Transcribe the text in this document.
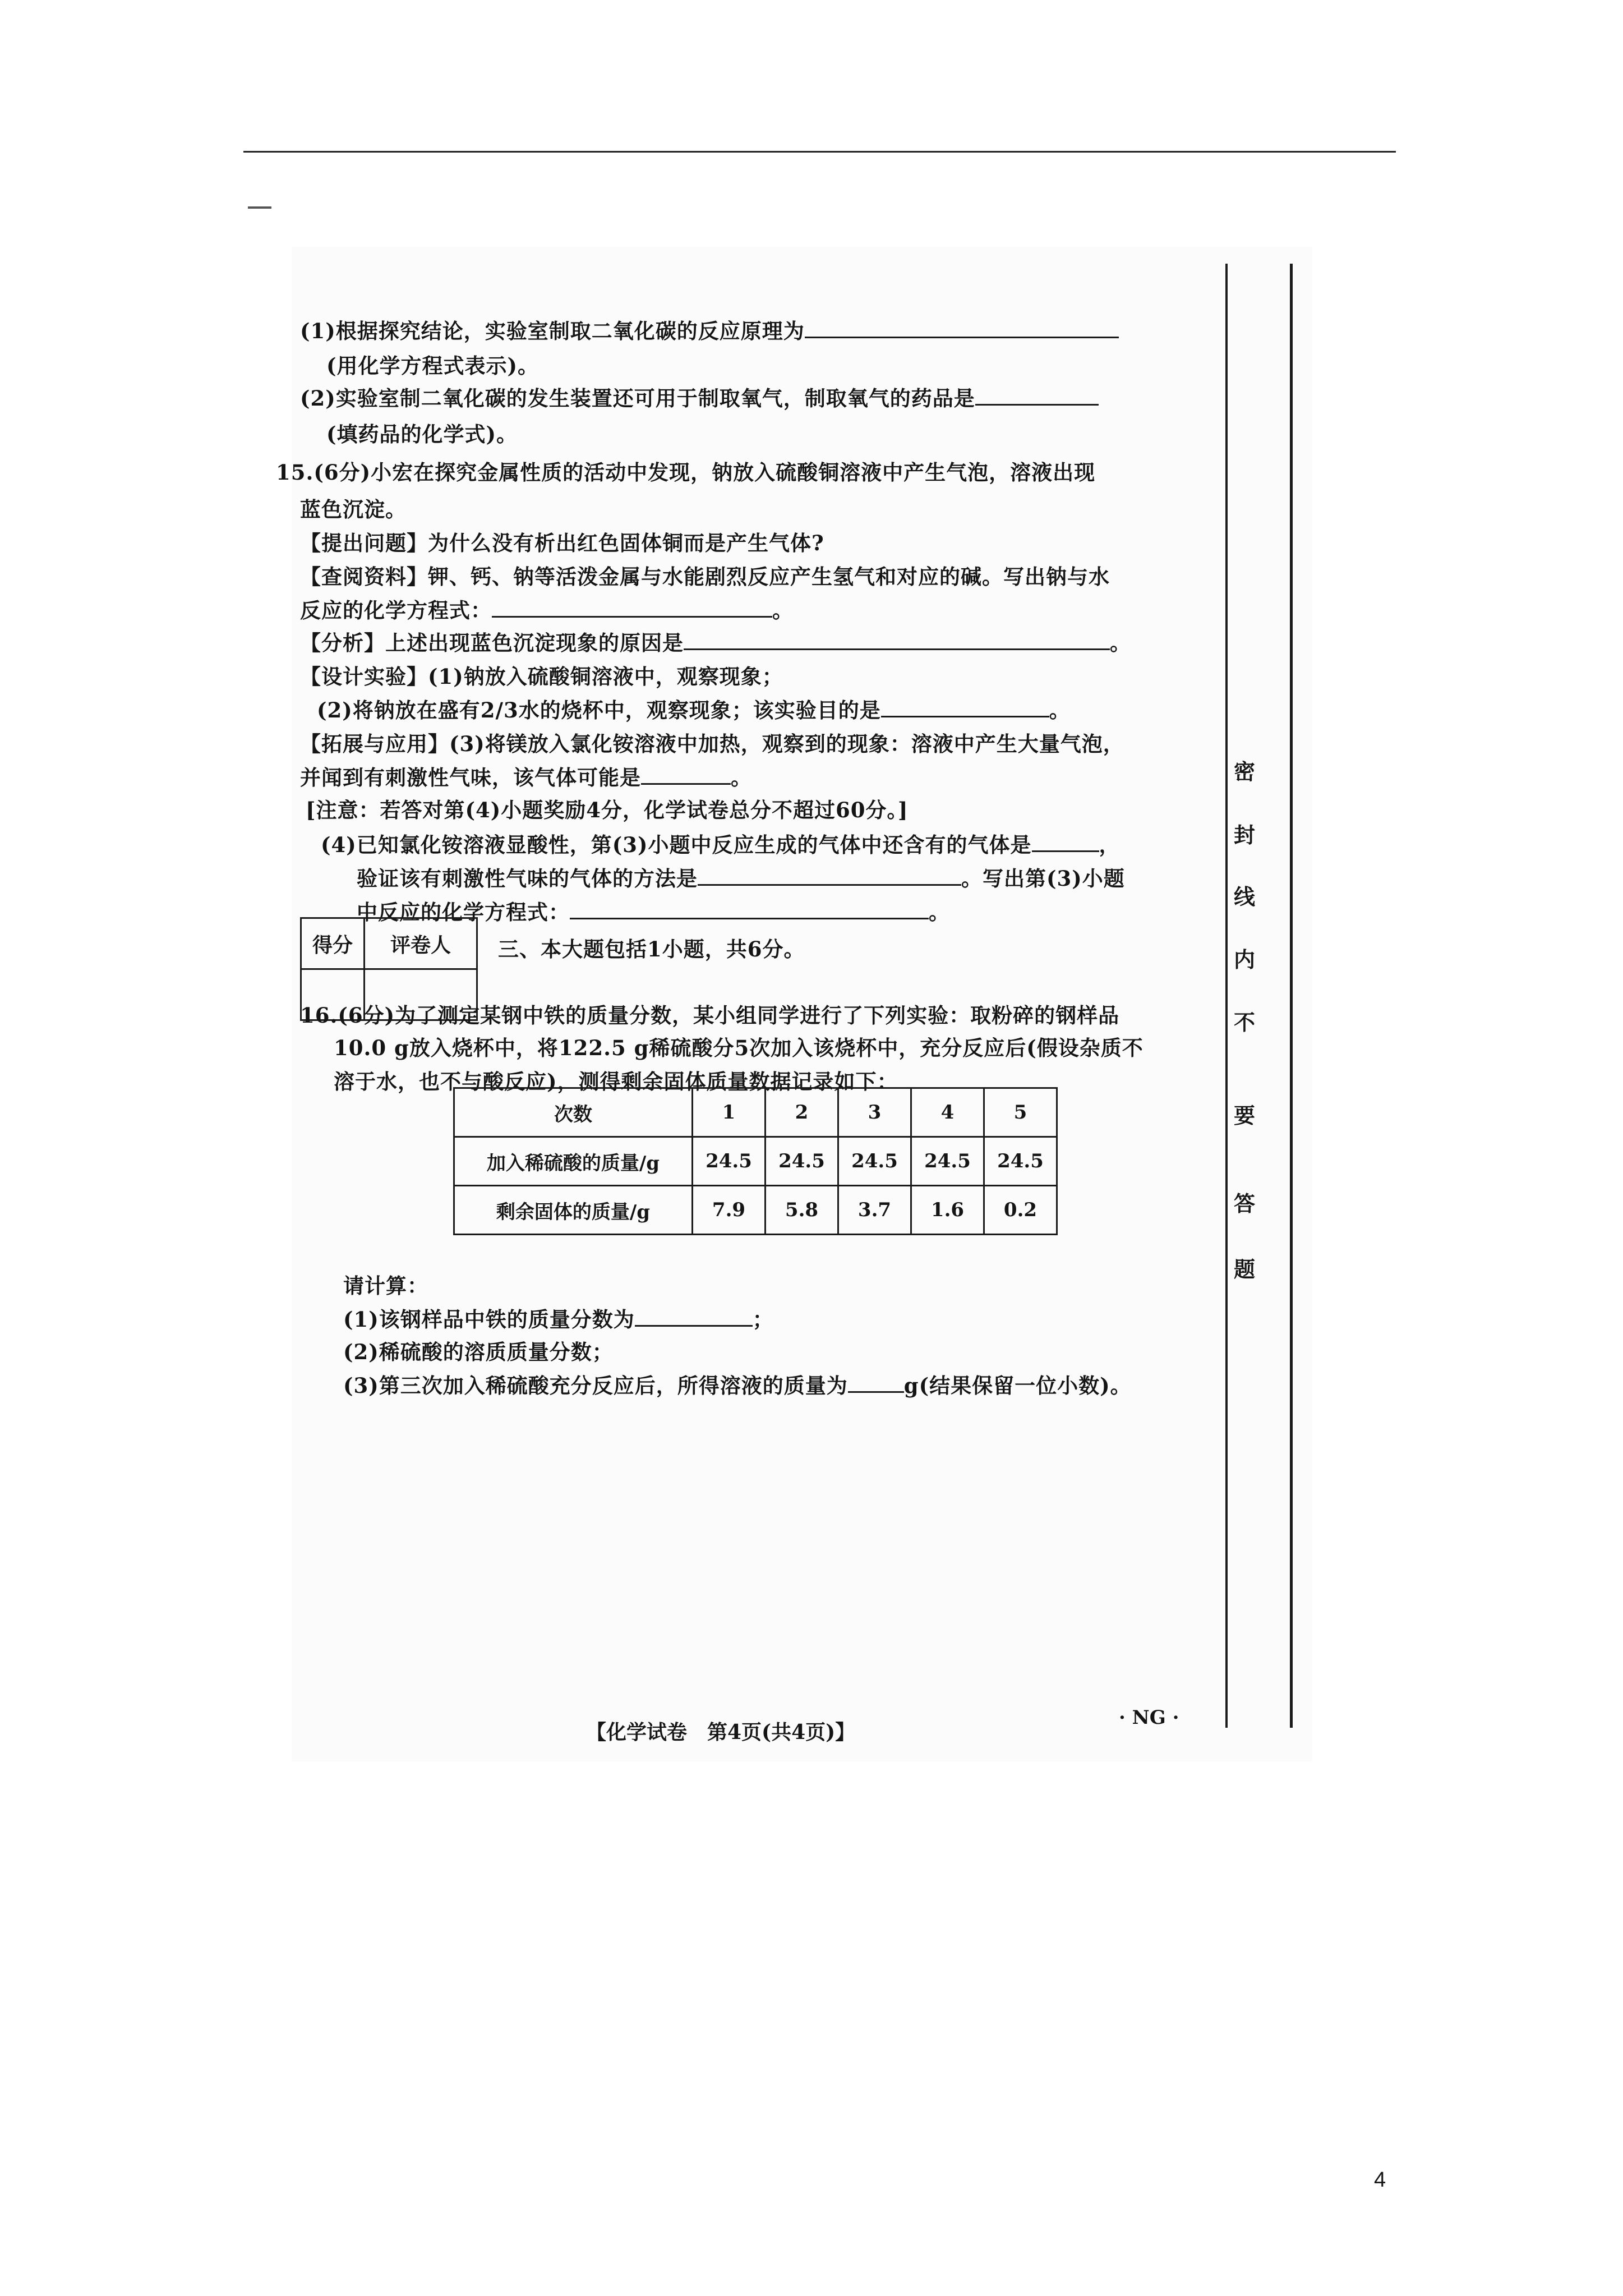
密
封
线
内
不
要
答
题
(1)根据探究结论，实验室制取二氧化碳的反应原理为
(用化学方程式表示)。
(2)实验室制二氧化碳的发生装置还可用于制取氧气，制取氧气的药品是
(填药品的化学式)。
15.(6分)小宏在探究金属性质的活动中发现，钠放入硫酸铜溶液中产生气泡，溶液出现
蓝色沉淀。
【提出问题】为什么没有析出红色固体铜而是产生气体?
【查阅资料】钾、钙、钠等活泼金属与水能剧烈反应产生氢气和对应的碱。写出钠与水
反应的化学方程式：	。
【分析】上述出现蓝色沉淀现象的原因是	。
【设计实验】(1)钠放入硫酸铜溶液中，观察现象；
(2)将钠放在盛有2/3水的烧杯中，观察现象；该实验目的是	。
【拓展与应用】(3)将镁放入氯化铵溶液中加热，观察到的现象：溶液中产生大量气泡，
并闻到有刺激性气味，该气体可能是	。
[注意：若答对第(4)小题奖励4分，化学试卷总分不超过60分。]
(4)已知氯化铵溶液显酸性，第(3)小题中反应生成的气体中还含有的气体是	，
验证该有刺激性气味的气体的方法是	。写出第(3)小题
中反应的化学方程式：	。
得分	评卷人
	三、本大题包括1小题，共6分。
16.(6分)为了测定某钢中铁的质量分数，某小组同学进行了下列实验：取粉碎的钢样品
10.0 g放入烧杯中，将122.5 g稀硫酸分5次加入该烧杯中，充分反应后(假设杂质不
溶于水，也不与酸反应)，测得剩余固体质量数据记录如下：
次数	1	2	3	4	5
加入稀硫酸的质量/g	24.5	24.5	24.5	24.5	24.5
剩余固体的质量/g	7.9	5.8	3.7	1.6	0.2
请计算：
(1)该钢样品中铁的质量分数为	；
(2)稀硫酸的溶质质量分数；
(3)第三次加入稀硫酸充分反应后，所得溶液的质量为	g(结果保留一位小数)。
【化学试卷　第4页(共4页)】
· NG ·
4
